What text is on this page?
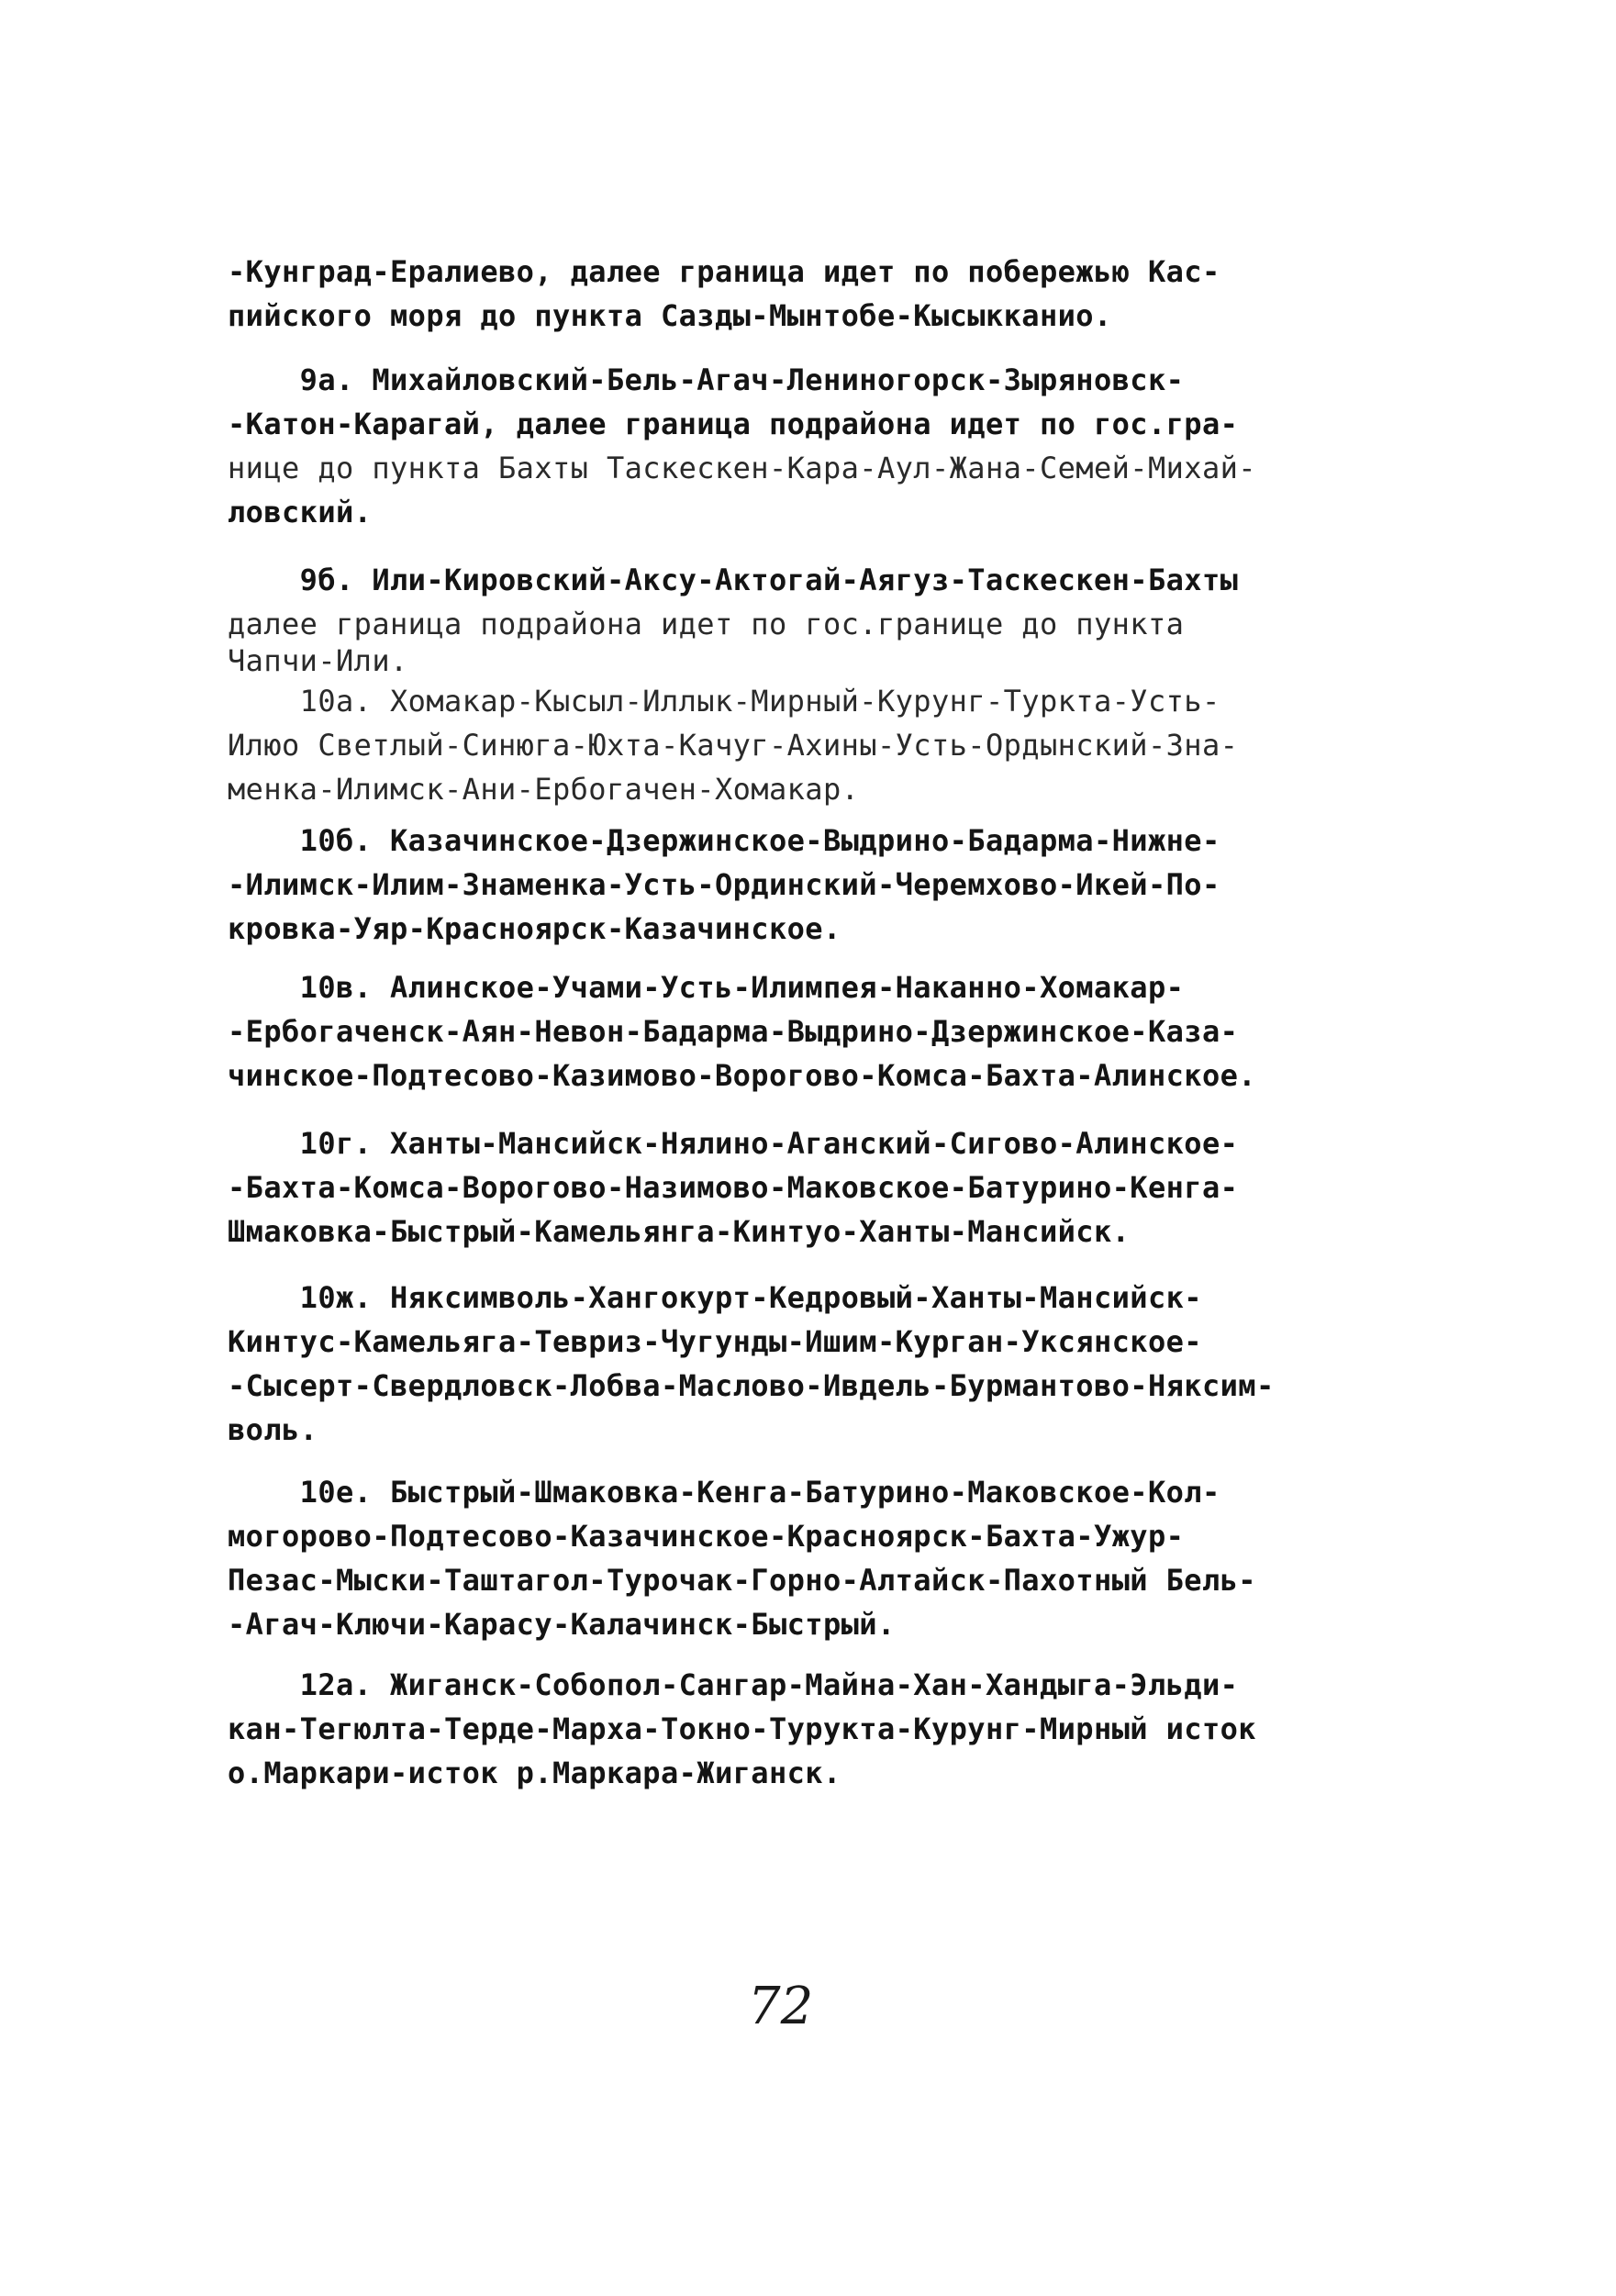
-Кунград-Ералиево, далее граница идет по побережью Кас-
пийского моря до пункта Сазды-Мынтобе-Кысыкканио.
9а. Михайловский-Бель-Агач-Лениногорск-Зыряновск-
-Катон-Карагай, далее граница подрайона идет по гос.гра-
нице до пункта Бахты Таскескен-Кара-Аул-Жана-Семей-Михай-
ловский.
9б. Или-Кировский-Аксу-Актогай-Аягуз-Таскескен-Бахты
далее граница подрайона идет по гос.границе до пункта
Чапчи-Или.
10а. Хомакар-Кысыл-Иллык-Мирный-Курунг-Туркта-Усть-
Илюо Светлый-Синюга-Юхта-Качуг-Ахины-Усть-Ордынский-Зна-
менка-Илимск-Ани-Ербогачен-Хомакар.
10б. Казачинское-Дзержинское-Выдрино-Бадарма-Нижне-
-Илимск-Илим-Знаменка-Усть-Ординский-Черемхово-Икей-По-
кровка-Уяр-Красноярск-Казачинское.
10в. Алинское-Учами-Усть-Илимпея-Наканно-Хомакар-
-Ербогаченск-Аян-Невон-Бадарма-Выдрино-Дзержинское-Каза-
чинское-Подтесово-Казимово-Ворогово-Комса-Бахта-Алинское.
10г. Ханты-Мансийск-Нялино-Аганский-Сигово-Алинское-
-Бахта-Комса-Ворогово-Назимово-Маковское-Батурино-Кенга-
Шмаковка-Быстрый-Камельянга-Кинтуо-Ханты-Мансийск.
10ж. Няксимволь-Хангокурт-Кедровый-Ханты-Мансийск-
Кинтус-Камельяга-Тевриз-Чугунды-Ишим-Курган-Уксянское-
-Сысерт-Свердловск-Лобва-Маслово-Ивдель-Бурмантово-Няксим-
воль.
10е. Быстрый-Шмаковка-Кенга-Батурино-Маковское-Кол-
могорово-Подтесово-Казачинское-Красноярск-Бахта-Ужур-
Пезас-Мыски-Таштагол-Турочак-Горно-Алтайск-Пахотный Бель-
-Агач-Ключи-Карасу-Калачинск-Быстрый.
12а. Жиганск-Собопол-Сангар-Майна-Хан-Хандыга-Эльди-
кан-Тегюлта-Терде-Марха-Токно-Турукта-Курунг-Мирный исток
о.Маркари-исток р.Маркара-Жиганск.
72
